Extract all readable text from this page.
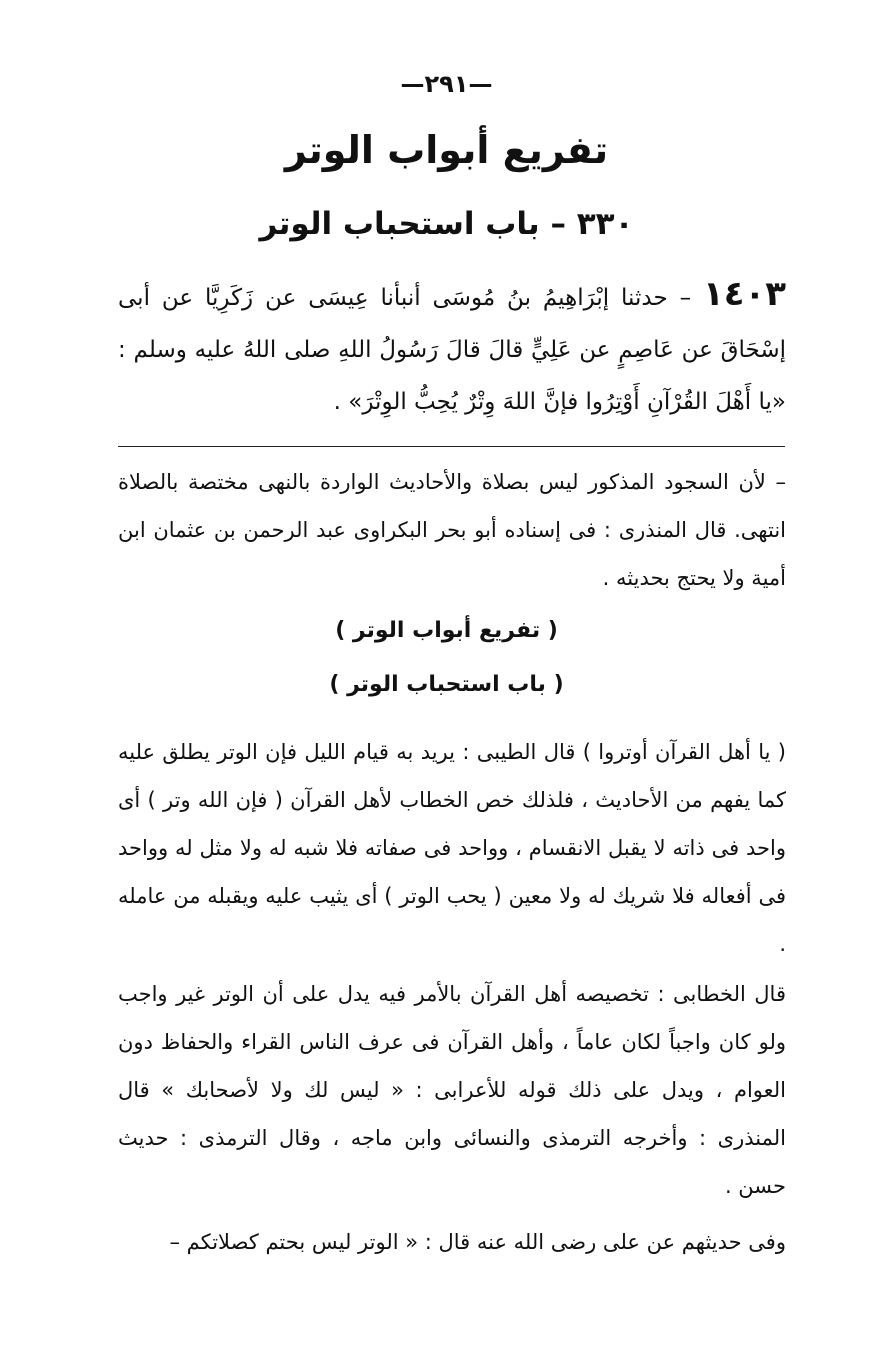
—٢٩١—
تفريع أبواب الوتر
٣٣٠ – باب استحباب الوتر
١٤٠٣ – حدثنا إبْرَاهِيمُ بنُ مُوسَى أنبأنا عِيسَى عن زَكَرِيَّا عن أبى إسْحَاقَ عن عَاصِمٍ عن عَلِيٍّ قالَ قالَ رَسُولُ اللهِ صلى اللهُ عليه وسلم : «يا أَهْلَ القُرْآنِ أَوْتِرُوا فإنَّ اللهَ وِتْرٌ يُحِبُّ الوِتْرَ» .
– لأن السجود المذكور ليس بصلاة والأحاديث الواردة بالنهى مختصة بالصلاة انتهى. قال المنذرى : فى إسناده أبو بحر البكراوى عبد الرحمن بن عثمان ابن أمية ولا يحتج بحديثه .
( تفريع أبواب الوتر )
( باب استحباب الوتر )
( يا أهل القرآن أوتروا ) قال الطيبى : يريد به قيام الليل فإن الوتر يطلق عليه كما يفهم من الأحاديث ، فلذلك خص الخطاب لأهل القرآن ( فإن الله وتر ) أى واحد فى ذاته لا يقبل الانقسام ، وواحد فى صفاته فلا شبه له ولا مثل له وواحد فى أفعاله فلا شريك له ولا معين ( يحب الوتر ) أى يثيب عليه ويقبله من عامله .
قال الخطابى : تخصيصه أهل القرآن بالأمر فيه يدل على أن الوتر غير واجب ولو كان واجباً لكان عاماً ، وأهل القرآن فى عرف الناس القراء والحفاظ دون العوام ، ويدل على ذلك قوله للأعرابى : « ليس لك ولا لأصحابك » قال المنذرى : وأخرجه الترمذى والنسائى وابن ماجه ، وقال الترمذى : حديث حسن .
وفى حديثهم عن على رضى الله عنه قال : « الوتر ليس بحتم كصلاتكم –
